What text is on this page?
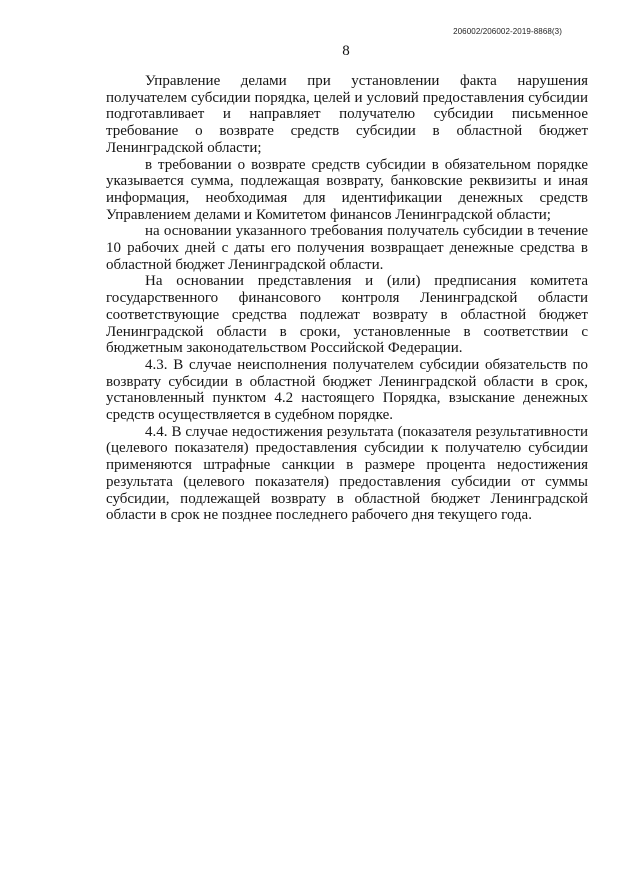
206002/206002-2019-8868(3)
8

Управление делами при установлении факта нарушения получателем субсидии порядка, целей и условий предоставления субсидии подготавливает и направляет получателю субсидии письменное требование о возврате средств субсидии в областной бюджет Ленинградской области;

в требовании о возврате средств субсидии в обязательном порядке указывается сумма, подлежащая возврату, банковские реквизиты и иная информация, необходимая для идентификации денежных средств Управлением делами и Комитетом финансов Ленинградской области;

на основании указанного требования получатель субсидии в течение 10 рабочих дней с даты его получения возвращает денежные средства в областной бюджет Ленинградской области.

На основании представления и (или) предписания комитета государственного финансового контроля Ленинградской области соответствующие средства подлежат возврату в областной бюджет Ленинградской области в сроки, установленные в соответствии с бюджетным законодательством Российской Федерации.

4.3. В случае неисполнения получателем субсидии обязательств по возврату субсидии в областной бюджет Ленинградской области в срок, установленный пунктом 4.2 настоящего Порядка, взыскание денежных средств осуществляется в судебном порядке.

4.4. В случае недостижения результата (показателя результативности (целевого показателя) предоставления субсидии к получателю субсидии применяются штрафные санкции в размере процента недостижения результата (целевого показателя) предоставления субсидии от суммы субсидии, подлежащей возврату в областной бюджет Ленинградской области в срок не позднее последнего рабочего дня текущего года.
